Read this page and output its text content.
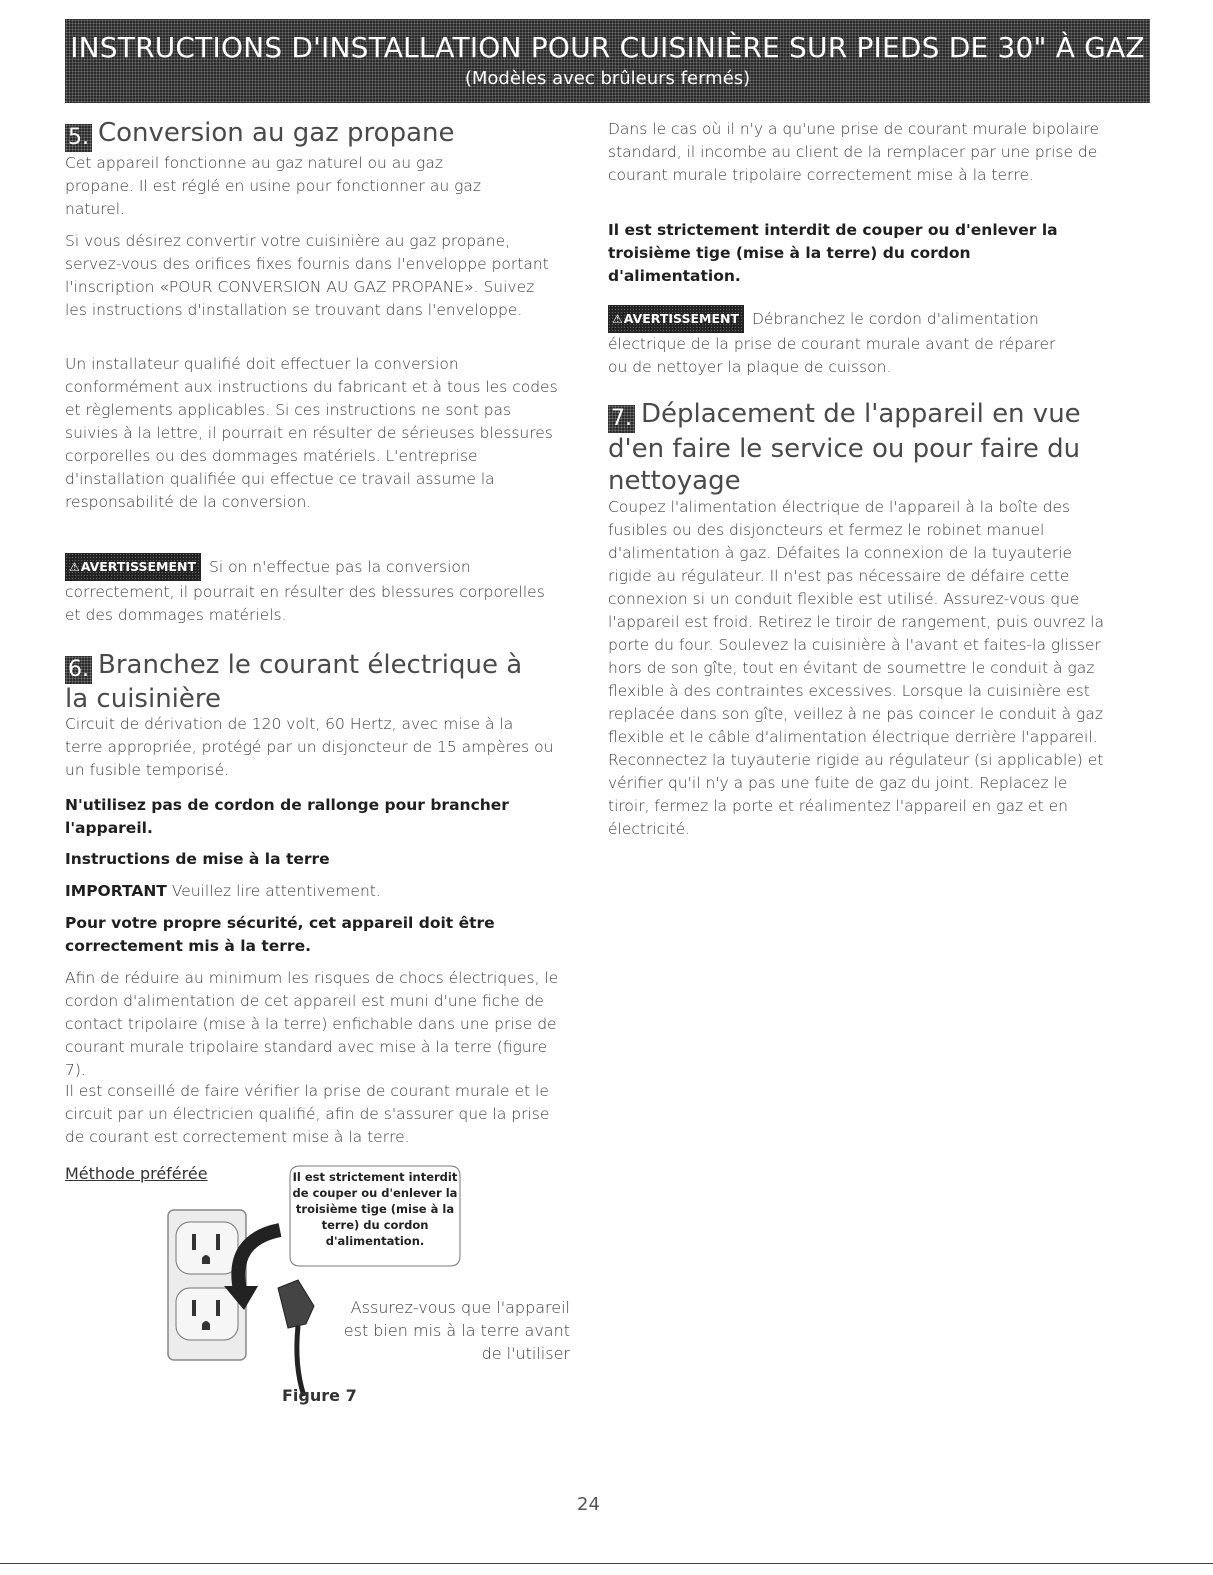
INSTRUCTIONS D'INSTALLATION POUR CUISINIÈRE SUR PIEDS DE 30" À GAZ
(Modèles avec brûleurs fermés)
5. Conversion au gaz propane
Cet appareil fonctionne au gaz naturel ou au gaz propane. Il est réglé en usine pour fonctionner au gaz naturel.
Si vous désirez convertir votre cuisinière au gaz propane, servez-vous des orifices fixes fournis dans l'enveloppe portant l'inscription «POUR CONVERSION AU GAZ PROPANE». Suivez les instructions d'installation se trouvant dans l'enveloppe.
Un installateur qualifié doit effectuer la conversion conformément aux instructions du fabricant et à tous les codes et règlements applicables. Si ces instructions ne sont pas suivies à la lettre, il pourrait en résulter de sérieuses blessures corporelles ou des dommages matériels. L'entreprise d'installation qualifiée qui effectue ce travail assume la responsabilité de la conversion.
⚠AVERTISSEMENT Si on n'effectue pas la conversion correctement, il pourrait en résulter des blessures corporelles et des dommages matériels.
6. Branchez le courant électrique à
la cuisinière
Circuit de dérivation de 120 volt, 60 Hertz, avec mise à la terre appropriée, protégé par un disjoncteur de 15 ampères ou un fusible temporisé.
N'utilisez pas de cordon de rallonge pour brancher l'appareil.
Instructions de mise à la terre
IMPORTANT Veuillez lire attentivement.
Pour votre propre sécurité, cet appareil doit être correctement mis à la terre.
Afin de réduire au minimum les risques de chocs électriques, le cordon d'alimentation de cet appareil est muni d'une fiche de contact tripolaire (mise à la terre) enfichable dans une prise de courant murale tripolaire standard avec mise à la terre (figure 7).
Il est conseillé de faire vérifier la prise de courant murale et le circuit par un électricien qualifié, afin de s'assurer que la prise de courant est correctement mise à la terre.
Méthode préférée	Il est strictement interdit de couper ou d'enlever la troisième tige (mise à la terre) du cordon d'alimentation.
Assurez-vous que l'appareil est bien mis à la terre avant de l'utiliser
Figure 7
Dans le cas où il n'y a qu'une prise de courant murale bipolaire standard, il incombe au client de la remplacer par une prise de courant murale tripolaire correctement mise à la terre.
Il est strictement interdit de couper ou d'enlever la troisième tige (mise à la terre) du cordon d'alimentation.
⚠AVERTISSEMENT Débranchez le cordon d'alimentation électrique de la prise de courant murale avant de réparer ou de nettoyer la plaque de cuisson.
7. Déplacement de l'appareil en vue
d'en faire le service ou pour faire du
nettoyage
Coupez l'alimentation électrique de l'appareil à la boîte des fusibles ou des disjoncteurs et fermez le robinet manuel d'alimentation à gaz. Défaites la connexion de la tuyauterie rigide au régulateur. Il n'est pas nécessaire de défaire cette connexion si un conduit flexible est utilisé. Assurez-vous que l'appareil est froid. Retirez le tiroir de rangement, puis ouvrez la porte du four. Soulevez la cuisinière à l'avant et faites-la glisser hors de son gîte, tout en évitant de soumettre le conduit à gaz flexible à des contraintes excessives. Lorsque la cuisinière est replacée dans son gîte, veillez à ne pas coincer le conduit à gaz flexible et le câble d'alimentation électrique derrière l'appareil. Reconnectez la tuyauterie rigide au régulateur (si applicable) et vérifier qu'il n'y a pas une fuite de gaz du joint. Replacez le tiroir, fermez la porte et réalimentez l'appareil en gaz et en électricité.
24
